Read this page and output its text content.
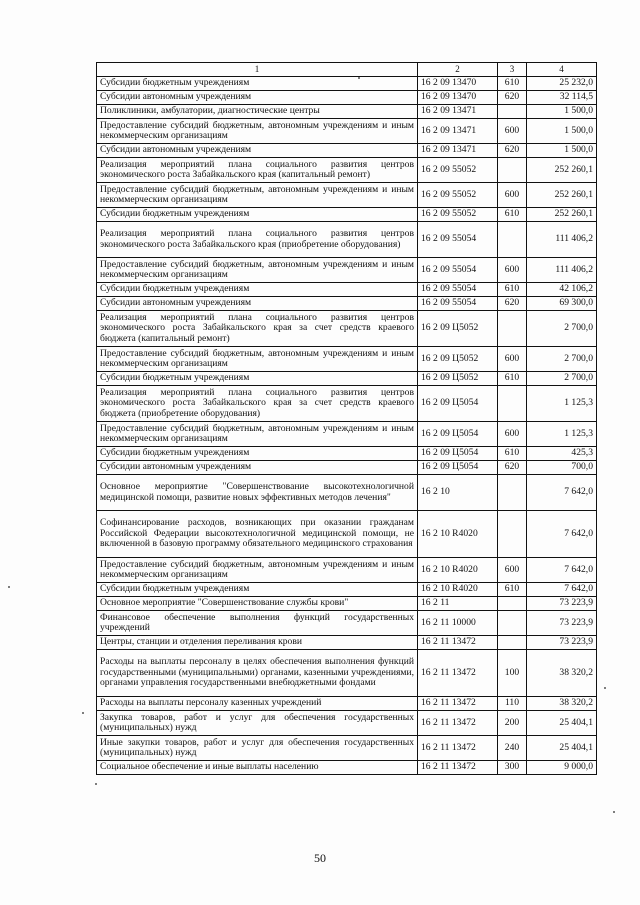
1	2	3	4
Субсидии бюджетным учреждениям	16 2 09 13470	610	25 232,0
Субсидии автономным учреждениям	16 2 09 13470	620	32 114,5
Поликлиники, амбулатории, диагностические центры	16 2 09 13471		1 500,0
Предоставление субсидий бюджетным, автономным учреждениям и иным некоммерческим организациям	16 2 09 13471	600	1 500,0
Субсидии автономным учреждениям	16 2 09 13471	620	1 500,0
Реализация мероприятий плана социального развития центров экономического роста Забайкальского края (капитальный ремонт)	16 2 09 55052		252 260,1
Предоставление субсидий бюджетным, автономным учреждениям и иным некоммерческим организациям	16 2 09 55052	600	252 260,1
Субсидии бюджетным учреждениям	16 2 09 55052	610	252 260,1
Реализация мероприятий плана социального развития центров экономического роста Забайкальского края (приобретение оборудования)	16 2 09 55054		111 406,2
Предоставление субсидий бюджетным, автономным учреждениям и иным некоммерческим организациям	16 2 09 55054	600	111 406,2
Субсидии бюджетным учреждениям	16 2 09 55054	610	42 106,2
Субсидии автономным учреждениям	16 2 09 55054	620	69 300,0
Реализация мероприятий плана социального развития центров экономического роста Забайкальского края за счет средств краевого бюджета (капитальный ремонт)	16 2 09 Ц5052		2 700,0
Предоставление субсидий бюджетным, автономным учреждениям и иным некоммерческим организациям	16 2 09 Ц5052	600	2 700,0
Субсидии бюджетным учреждениям	16 2 09 Ц5052	610	2 700,0
Реализация мероприятий плана социального развития центров экономического роста Забайкальского края за счет средств краевого бюджета (приобретение оборудования)	16 2 09 Ц5054		1 125,3
Предоставление субсидий бюджетным, автономным учреждениям и иным некоммерческим организациям	16 2 09 Ц5054	600	1 125,3
Субсидии бюджетным учреждениям	16 2 09 Ц5054	610	425,3
Субсидии автономным учреждениям	16 2 09 Ц5054	620	700,0
Основное мероприятие "Совершенствование высокотехнологичной медицинской помощи, развитие новых эффективных методов лечения"	16 2 10		7 642,0
Софинансирование расходов, возникающих при оказании гражданам Российской Федерации высокотехнологичной медицинской помощи, не включенной в базовую программу обязательного медицинского страхования	16 2 10 R4020		7 642,0
Предоставление субсидий бюджетным, автономным учреждениям и иным некоммерческим организациям	16 2 10 R4020	600	7 642,0
Субсидии бюджетным учреждениям	16 2 10 R4020	610	7 642,0
Основное мероприятие "Совершенствование службы крови"	16 2 11		73 223,9
Финансовое обеспечение выполнения функций государственных учреждений	16 2 11 10000		73 223,9
Центры, станции и отделения переливания крови	16 2 11 13472		73 223,9
Расходы на выплаты персоналу в целях обеспечения выполнения функций государственными (муниципальными) органами, казенными учреждениями, органами управления государственными внебюджетными фондами	16 2 11 13472	100	38 320,2
Расходы на выплаты персоналу казенных учреждений	16 2 11 13472	110	38 320,2
Закупка товаров, работ и услуг для обеспечения государственных (муниципальных) нужд	16 2 11 13472	200	25 404,1
Иные закупки товаров, работ и услуг для обеспечения государственных (муниципальных) нужд	16 2 11 13472	240	25 404,1
Социальное обеспечение и иные выплаты населению	16 2 11 13472	300	9 000,0
50
